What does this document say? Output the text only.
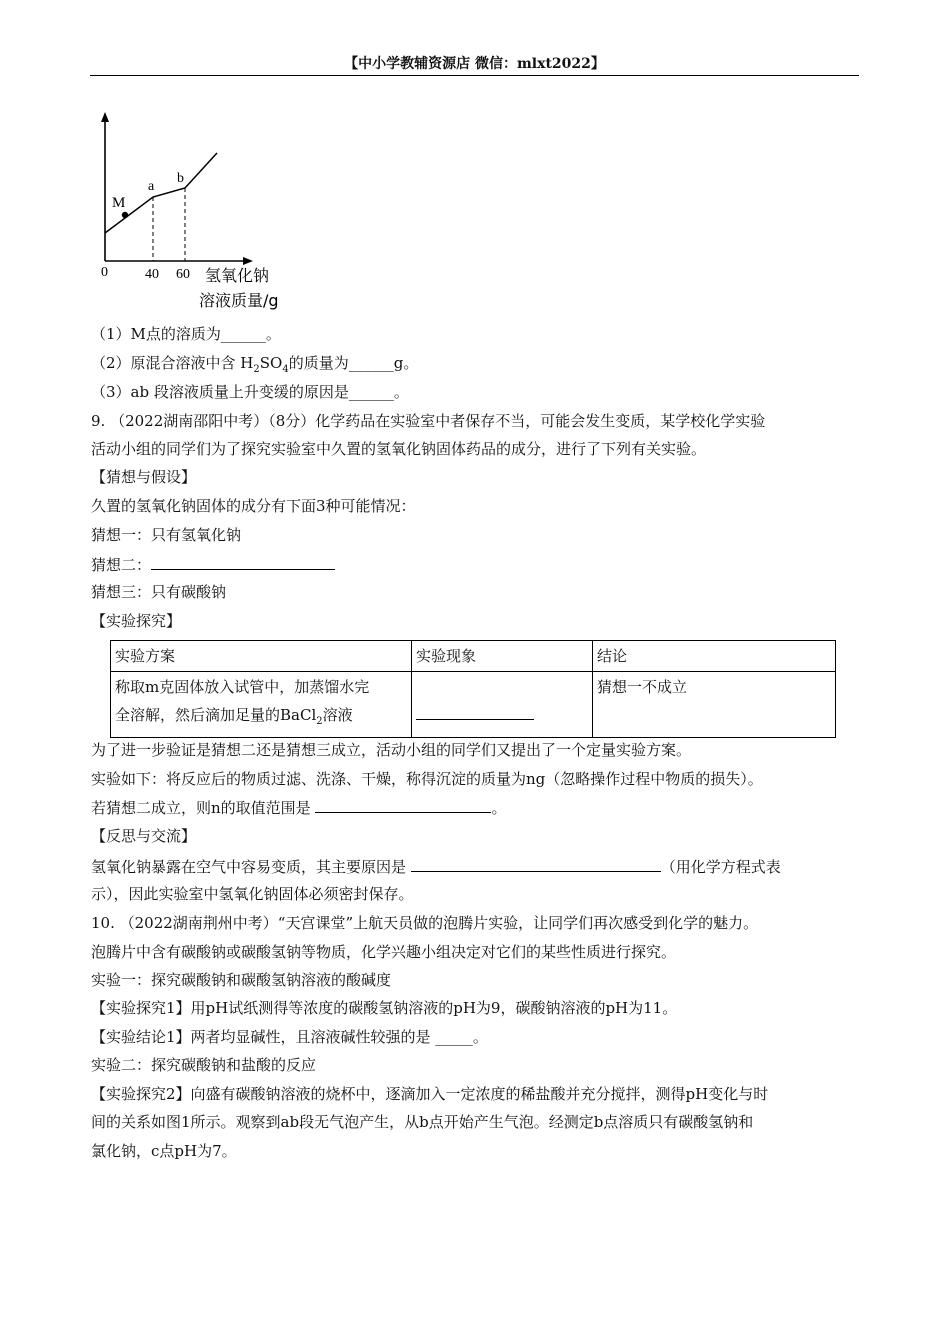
【中小学教辅资源店 微信：mlxt2022】
M
a
b
0	40 60 氢氧化钠
溶液质量/g
（1）M点的溶质为______。
（2）原混合溶液中含 $H_2SO_4$的质量为______g。
（3）ab 段溶液质量上升变缓的原因是______。
9. （2022湖南邵阳中考）（8分）化学药品在实验室中者保存不当，可能会发生变质，某学校化学实验
活动小组的同学们为了探究实验室中久置的氢氧化钠固体药品的成分，进行了下列有关实验。
【猜想与假设】
久置的氢氧化钠固体的成分有下面3种可能情况：
猜想一：只有氢氧化钠
猜想二：
猜想三：只有碳酸钠
【实验探究】
实验方案	实验现象	结论

称取m克固体放入试管中，加蒸馏水完
全溶解，然后滴加足量的BaCl$_2$溶液		猜想一不成立
为了进一步验证是猜想二还是猜想三成立，活动小组的同学们又提出了一个定量实验方案。
实验如下：将反应后的物质过滤、洗涤、干燥，称得沉淀的质量为ng（忽略操作过程中物质的损失）。
若猜想二成立，则n的取值范围是	。
【反思与交流】
氢氧化钠暴露在空气中容易变质，其主要原因是	（用化学方程式表
示），因此实验室中氢氧化钠固体必须密封保存。
10. （2022湖南荆州中考）“天宫课堂”上航天员做的泡腾片实验，让同学们再次感受到化学的魅力。
泡腾片中含有碳酸钠或碳酸氢钠等物质，化学兴趣小组决定对它们的某些性质进行探究。
实验一：探究碳酸钠和碳酸氢钠溶液的酸碱度
【实验探究1】用pH试纸测得等浓度的碳酸氢钠溶液的pH为9，碳酸钠溶液的pH为11。
【实验结论1】两者均显碱性，且溶液碱性较强的是 _____。
实验二：探究碳酸钠和盐酸的反应
【实验探究2】向盛有碳酸钠溶液的烧杯中，逐滴加入一定浓度的稀盐酸并充分搅拌，测得pH变化与时
间的关系如图1所示。观察到ab段无气泡产生，从b点开始产生气泡。经测定b点溶质只有碳酸氢钠和
氯化钠，c点pH为7。
